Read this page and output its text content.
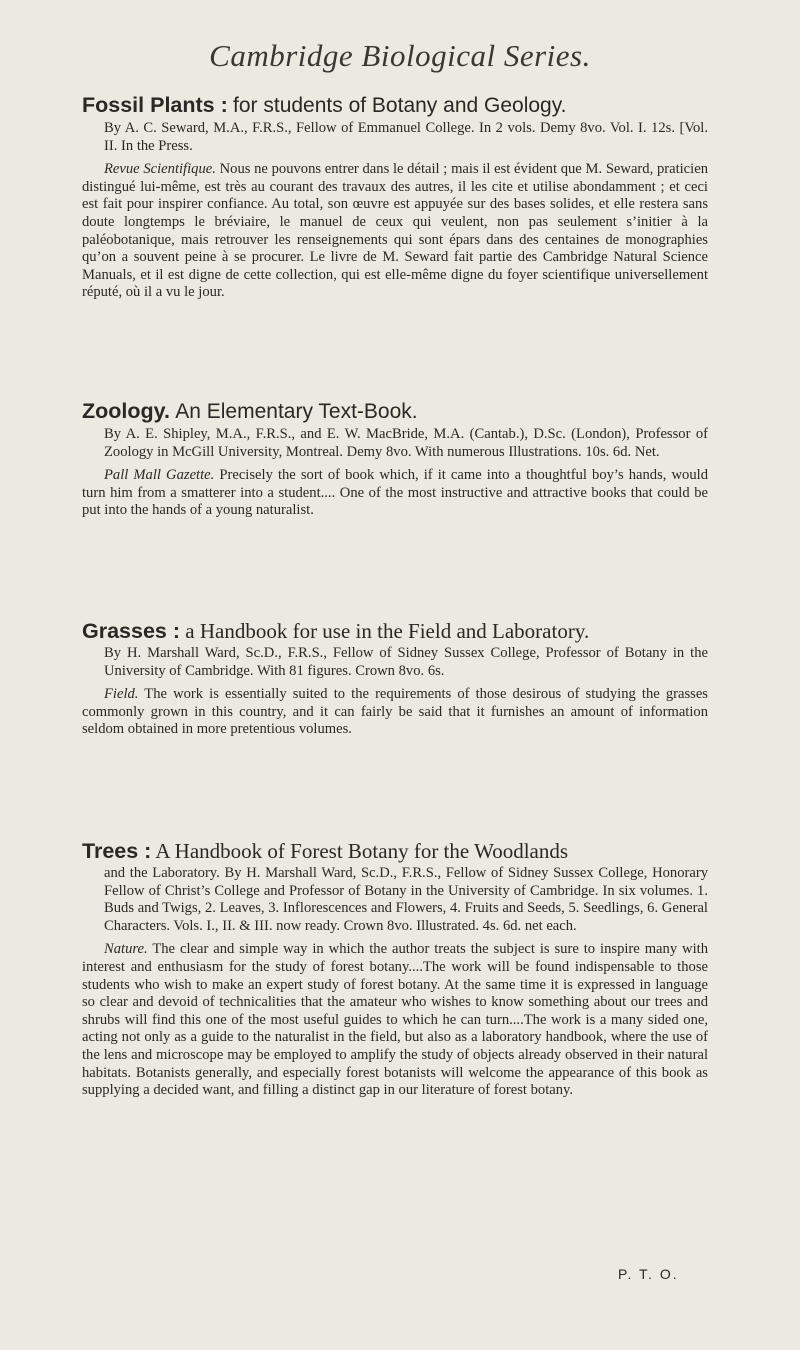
Cambridge Biological Series.
Fossil Plants : for students of Botany and Geology.

By A. C. Seward, M.A., F.R.S., Fellow of Emmanuel College. In 2 vols. Demy 8vo. Vol. I. 12s. [Vol. II. In the Press.

Revue Scientifique. Nous ne pouvons entrer dans le détail ; mais il est évident que M. Seward, praticien distingué lui-même, est très au courant des travaux des autres, il les cite et utilise abondamment ; et ceci est fait pour inspirer confiance. Au total, son œuvre est appuyée sur des bases solides, et elle restera sans doute longtemps le bréviaire, le manuel de ceux qui veulent, non pas seulement s’initier à la paléobotanique, mais retrouver les renseignements qui sont épars dans des centaines de monographies qu’on a souvent peine à se procurer. Le livre de M. Seward fait partie des Cambridge Natural Science Manuals, et il est digne de cette collection, qui est elle-même digne du foyer scientifique universellement réputé, où il a vu le jour.

Zoology. An Elementary Text-Book.

By A. E. Shipley, M.A., F.R.S., and E. W. MacBride, M.A. (Cantab.), D.Sc. (London), Professor of Zoology in McGill University, Montreal. Demy 8vo. With numerous Illustrations. 10s. 6d. Net.

Pall Mall Gazette. Precisely the sort of book which, if it came into a thoughtful boy’s hands, would turn him from a smatterer into a student.... One of the most instructive and attractive books that could be put into the hands of a young naturalist.

Grasses : a Handbook for use in the Field and Laboratory.

By H. Marshall Ward, Sc.D., F.R.S., Fellow of Sidney Sussex College, Professor of Botany in the University of Cambridge. With 81 figures. Crown 8vo. 6s.

Field. The work is essentially suited to the requirements of those desirous of studying the grasses commonly grown in this country, and it can fairly be said that it furnishes an amount of information seldom obtained in more pretentious volumes.

Trees : A Handbook of Forest Botany for the Woodlands

and the Laboratory. By H. Marshall Ward, Sc.D., F.R.S., Fellow of Sidney Sussex College, Honorary Fellow of Christ’s College and Professor of Botany in the University of Cambridge. In six volumes. 1. Buds and Twigs, 2. Leaves, 3. Inflorescences and Flowers, 4. Fruits and Seeds, 5. Seedlings, 6. General Characters. Vols. I., II. & III. now ready. Crown 8vo. Illustrated. 4s. 6d. net each.

Nature. The clear and simple way in which the author treats the subject is sure to inspire many with interest and enthusiasm for the study of forest botany....The work will be found indispensable to those students who wish to make an expert study of forest botany. At the same time it is expressed in language so clear and devoid of technicalities that the amateur who wishes to know something about our trees and shrubs will find this one of the most useful guides to which he can turn....The work is a many sided one, acting not only as a guide to the naturalist in the field, but also as a laboratory handbook, where the use of the lens and microscope may be employed to amplify the study of objects already observed in their natural habitats. Botanists generally, and especially forest botanists will welcome the appearance of this book as supplying a decided want, and filling a distinct gap in our literature of forest botany.

P. T. O.
